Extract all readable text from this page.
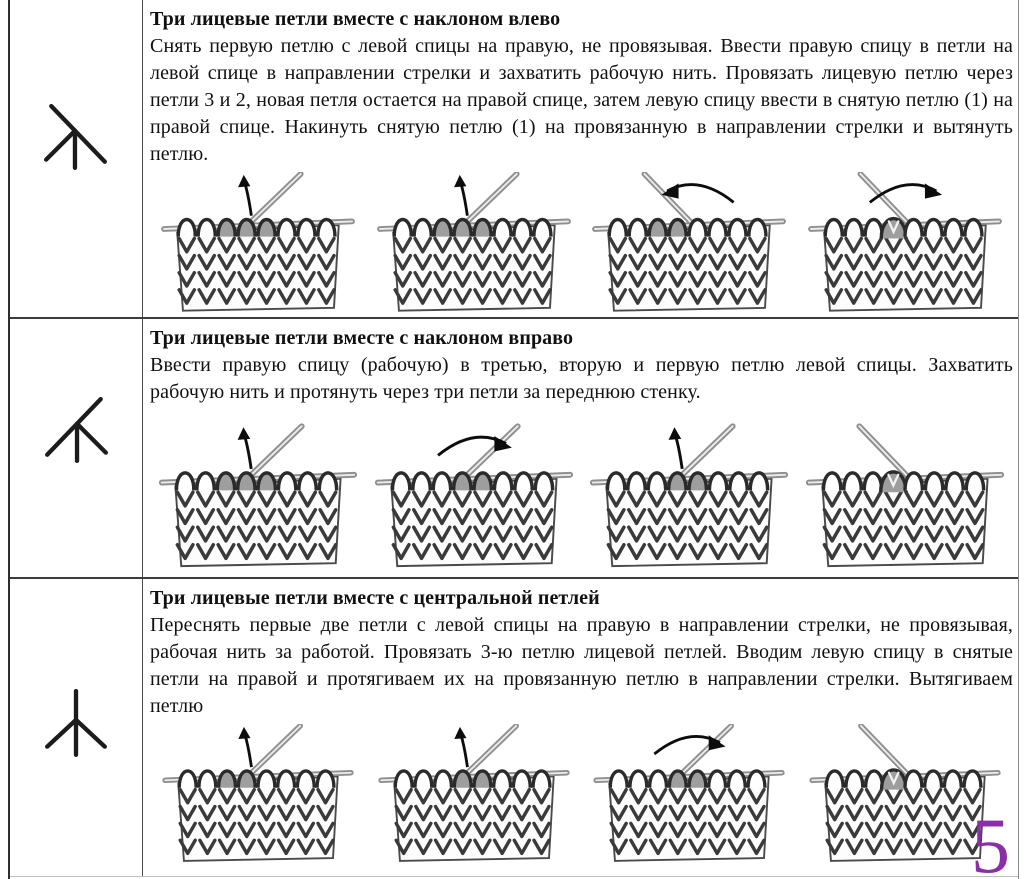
Три лицевые петли вместе с наклоном влево

Снять первую петлю с левой спицы на правую, не провязывая. Ввести правую спицу в петли на левой спице в направлении стрелки и захватить рабочую нить. Провязать лицевую петлю через петли 3 и 2, новая петля остается на правой спице, затем левую спицу ввести в снятую петлю (1) на правой спице. Накинуть снятую петлю (1) на провязанную в направлении стрелки и вытянуть петлю.

Три лицевые петли вместе с наклоном вправо

Ввести правую спицу (рабочую) в третью, вторую и первую петлю левой спицы. Захватить рабочую нить и протянуть через три петли за переднюю стенку.

Три лицевые петли вместе с центральной петлей

Переснять первые две петли с левой спицы на правую в направлении стрелки, не провязывая, рабочая нить за работой. Провязать 3-ю петлю лицевой петлей. Вводим левую спицу в снятые петли на правой и протягиваем их на провязанную петлю в направлении стрелки. Вытягиваем петлю

5
